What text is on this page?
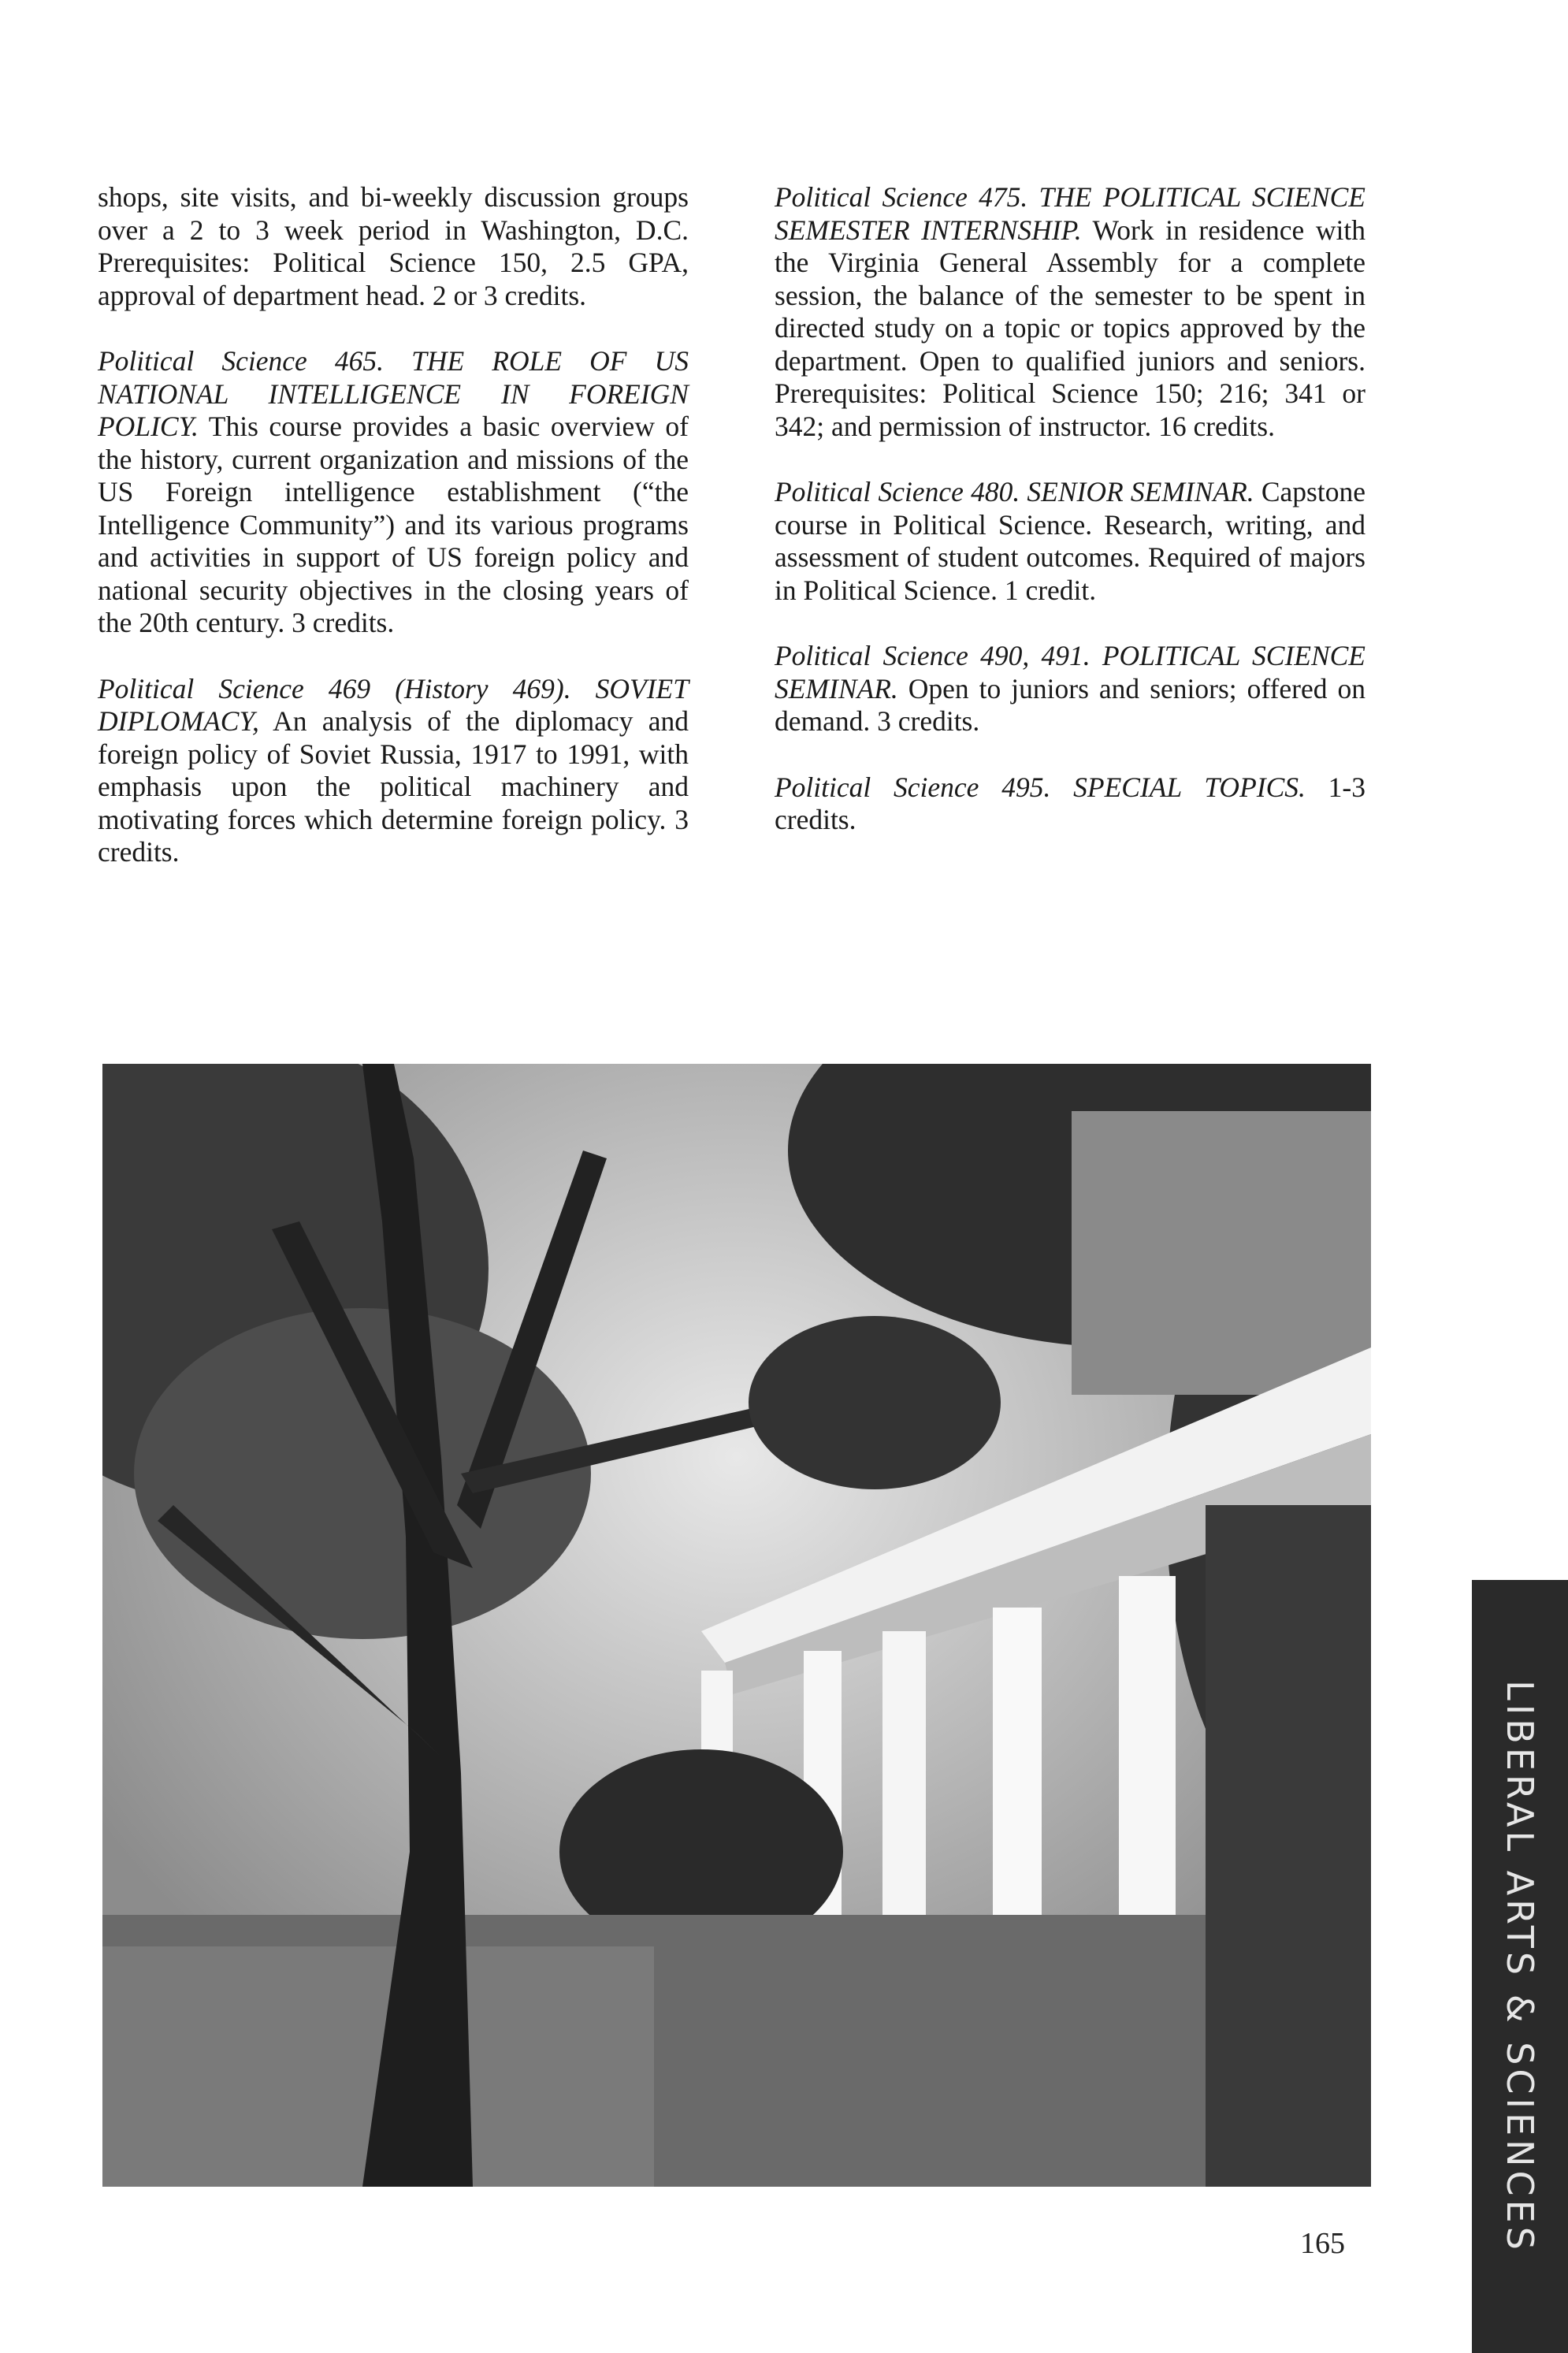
shops, site visits, and bi-weekly discussion groups over a 2 to 3 week period in Washington, D.C. Prerequisites: Political Science 150, 2.5 GPA, approval of department head. 2 or 3 credits.

Political Science 465. THE ROLE OF US NATIONAL INTELLIGENCE IN FOREIGN POLICY. This course provides a basic overview of the history, current organization and missions of the US Foreign intelligence establishment (“the Intelligence Community”) and its various programs and activities in support of US foreign policy and national security objectives in the closing years of the 20th century. 3 credits.

Political Science 469 (History 469). SOVIET DIPLOMACY, An analysis of the diplomacy and foreign policy of Soviet Russia, 1917 to 1991, with emphasis upon the political machinery and motivating forces which determine foreign policy. 3 credits.

Political Science 475. THE POLITICAL SCIENCE SEMESTER INTERNSHIP. Work in residence with the Virginia General Assembly for a complete session, the balance of the semester to be spent in directed study on a topic or topics approved by the department. Open to qualified juniors and seniors. Prerequisites: Political Science 150; 216; 341 or 342; and permission of instructor. 16 credits.

Political Science 480. SENIOR SEMINAR. Capstone course in Political Science. Research, writing, and assessment of student outcomes. Required of majors in Political Science. 1 credit.

Political Science 490, 491. POLITICAL SCIENCE SEMINAR. Open to juniors and seniors; offered on demand. 3 credits.

Political Science 495. SPECIAL TOPICS. 1-3 credits.

165	LIBERAL ARTS & SCIENCES
